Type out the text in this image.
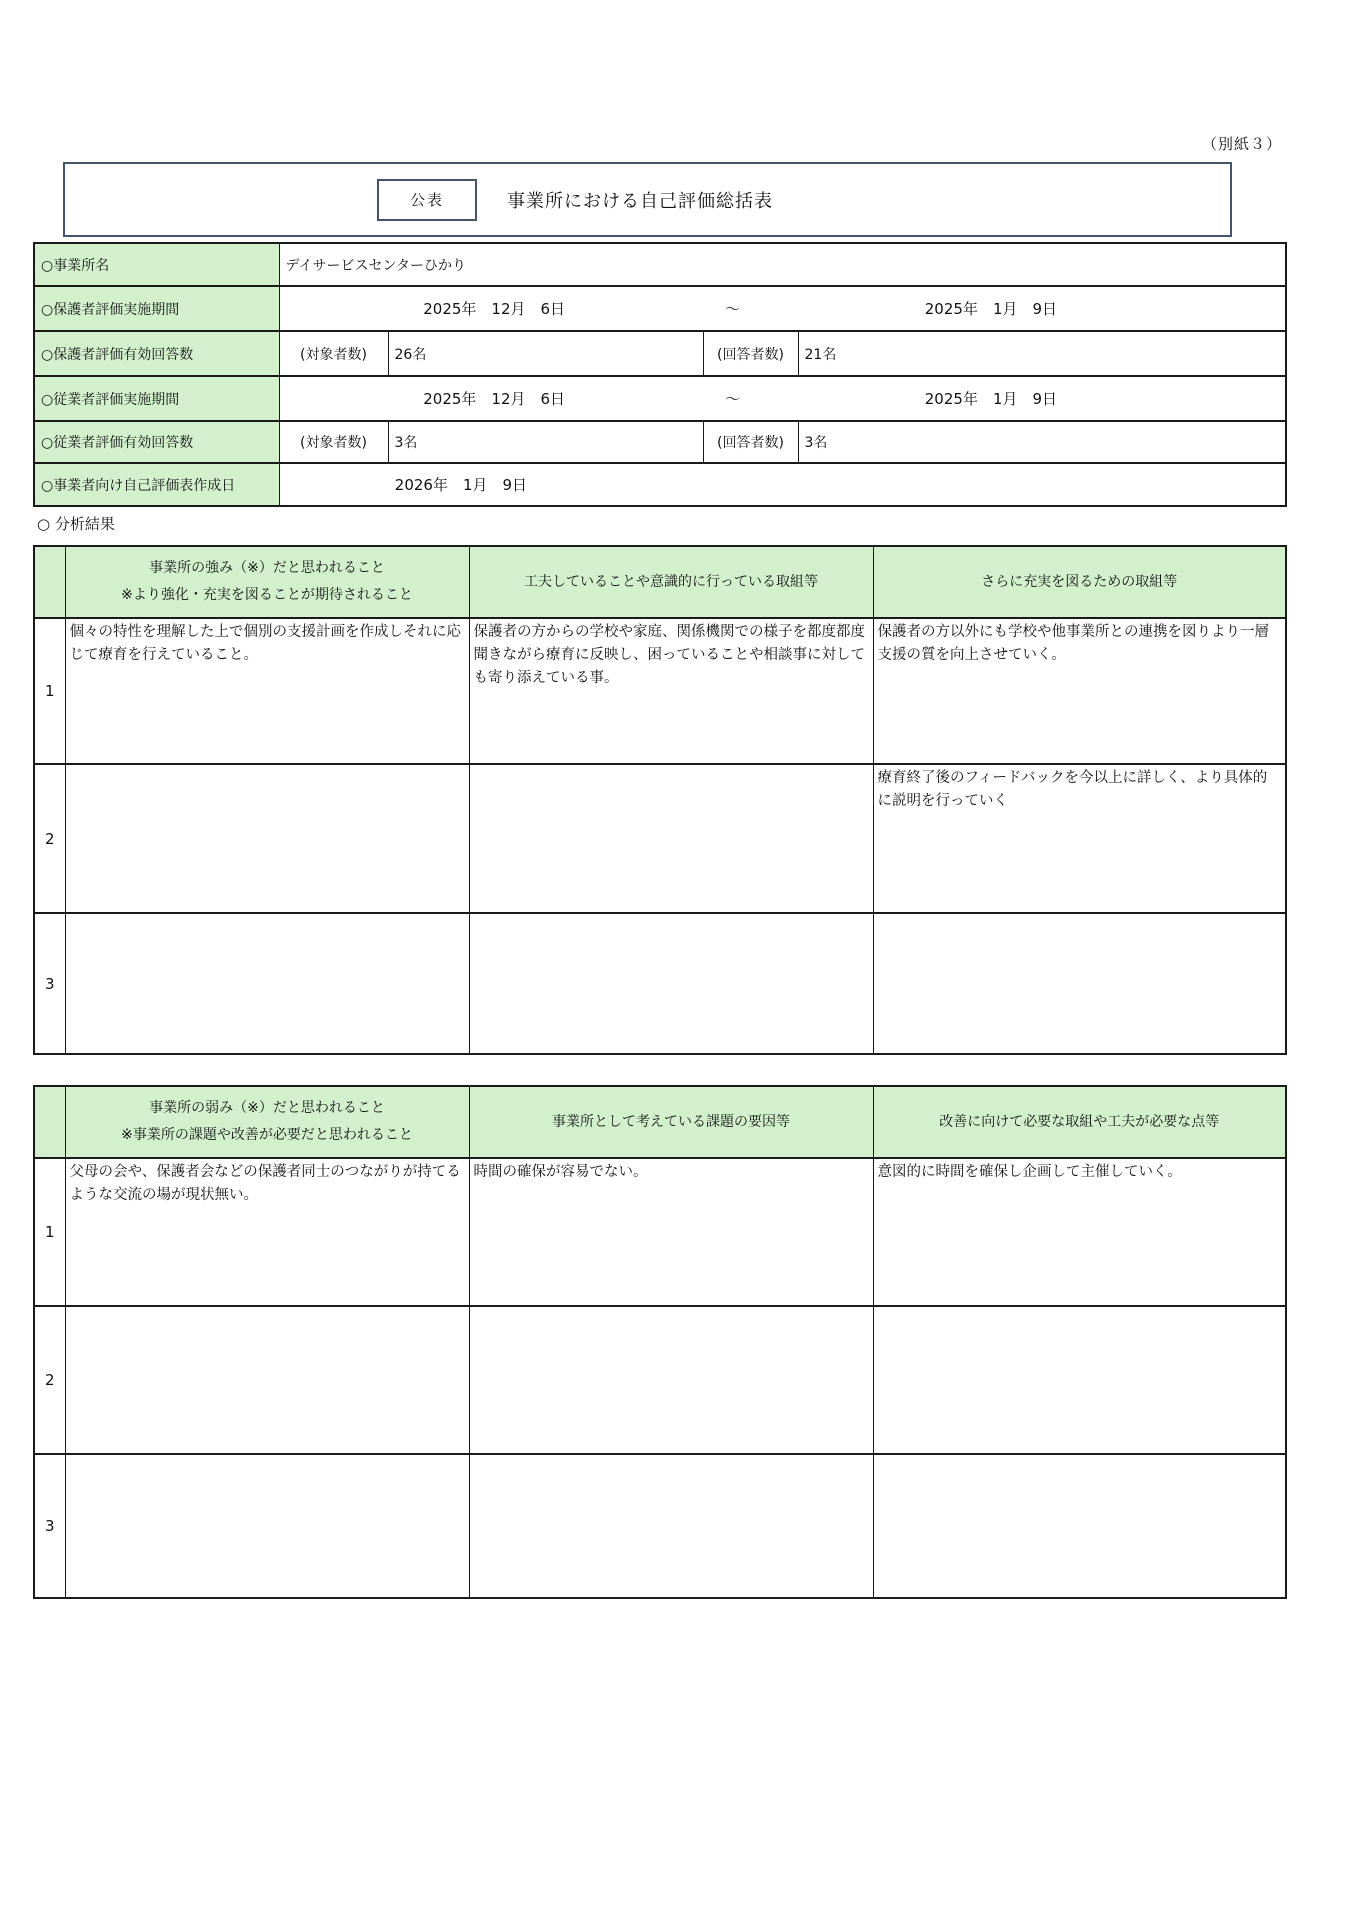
（別紙３）
公表	事業所における自己評価総括表
○事業所名	デイサービスセンターひかり			
○保護者評価実施期間	2025年　12月　6日 ～ 2025年　1月　9日			

○保護者評価有効回答数	(対象者数)	26名	(回答者数)	21名
○従業者評価実施期間	2025年　12月　6日 ～ 2025年　1月　9日			

○従業者評価有効回答数	(対象者数)	3名	(回答者数)	3名
○事業者向け自己評価表作成日	2026年　1月　9日			
○ 分析結果

	事業所の強み（※）だと思われること
※より強化・充実を図ることが期待されること	工夫していることや意識的に行っている取組等	さらに充実を図るための取組等
1	個々の特性を理解した上で個別の支援計画を作成しそれに応じて療育を行えていること。	保護者の方からの学校や家庭、関係機関での様子を都度都度聞きながら療育に反映し、困っていることや相談事に対しても寄り添えている事。	保護者の方以外にも学校や他事業所との連携を図りより一層支援の質を向上させていく。

2			療育終了後のフィードバックを今以上に詳しく、より具体的に説明を行っていく

3	

	事業所の弱み（※）だと思われること
※事業所の課題や改善が必要だと思われること	事業所として考えている課題の要因等	改善に向けて必要な取組や工夫が必要な点等
1	父母の会や、保護者会などの保護者同士のつながりが持てるような交流の場が現状無い。	時間の確保が容易でない。	意図的に時間を確保し企画して主催していく。

2	

3	
